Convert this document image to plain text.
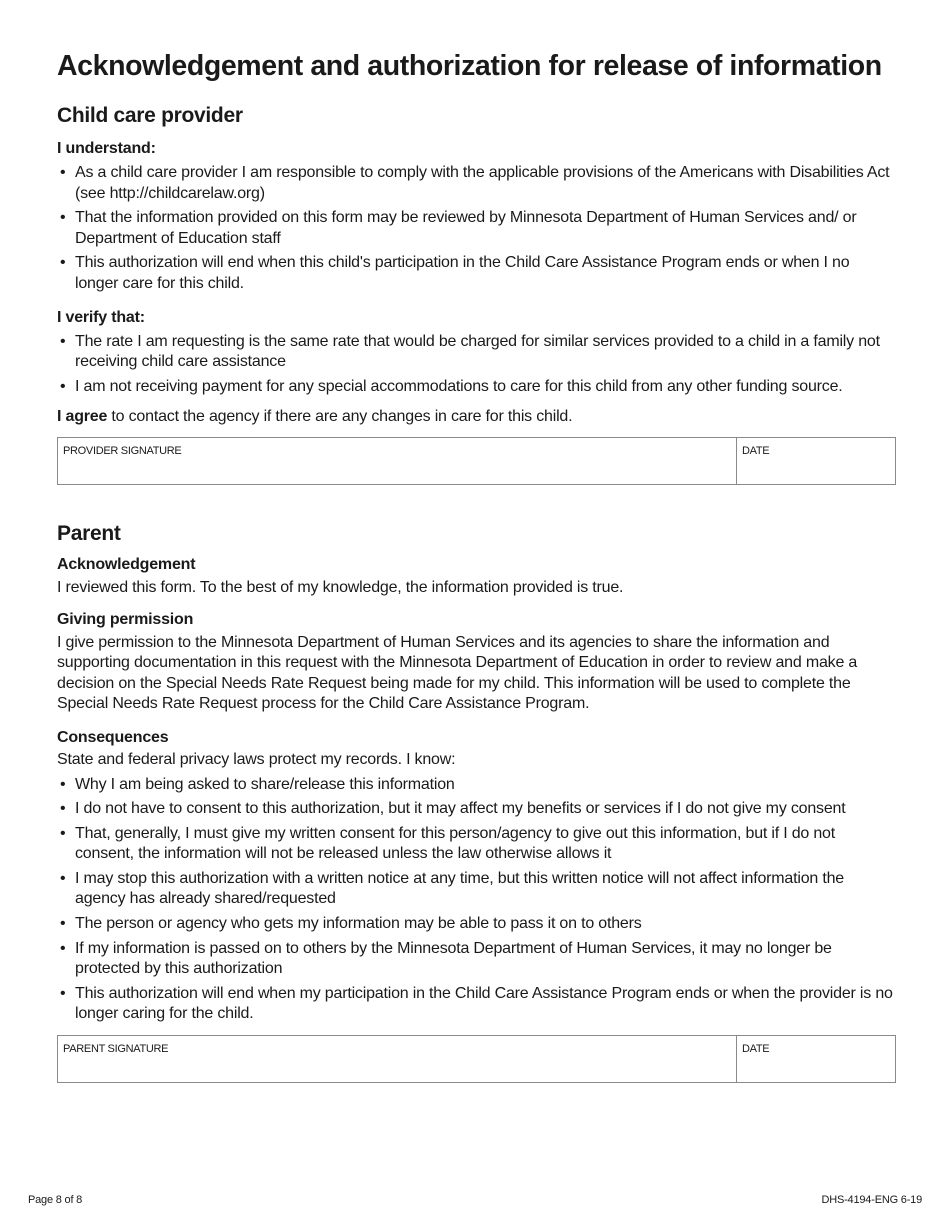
Acknowledgement and authorization for release of information
Child care provider
I understand:
• As a child care provider I am responsible to comply with the applicable provisions of the Americans with Disabilities Act (see http://childcarelaw.org)
• That the information provided on this form may be reviewed by Minnesota Department of Human Services and/ or Department of Education staff
• This authorization will end when this child's participation in the Child Care Assistance Program ends or when I no longer care for this child.
I verify that:
• The rate I am requesting is the same rate that would be charged for similar services provided to a child in a family not receiving child care assistance
• I am not receiving payment for any special accommodations to care for this child from any other funding source.

I agree to contact the agency if there are any changes in care for this child.

PROVIDER SIGNATURE	DATE
Parent
Acknowledgement

I reviewed this form. To the best of my knowledge, the information provided is true.

Giving permission

I give permission to the Minnesota Department of Human Services and its agencies to share the information and supporting documentation in this request with the Minnesota Department of Education in order to review and make a decision on the Special Needs Rate Request being made for my child. This information will be used to complete the Special Needs Rate Request process for the Child Care Assistance Program.

Consequences

State and federal privacy laws protect my records. I know:

• Why I am being asked to share/release this information
• I do not have to consent to this authorization, but it may affect my benefits or services if I do not give my consent
• That, generally, I must give my written consent for this person/agency to give out this information, but if I do not consent, the information will not be released unless the law otherwise allows it
• I may stop this authorization with a written notice at any time, but this written notice will not affect information the agency has already shared/requested
• The person or agency who gets my information may be able to pass it on to others
• If my information is passed on to others by the Minnesota Department of Human Services, it may no longer be protected by this authorization
• This authorization will end when my participation in the Child Care Assistance Program ends or when the provider is no longer caring for the child.
PARENT SIGNATURE	DATE
Page 8 of 8	DHS-4194-ENG 6-19
